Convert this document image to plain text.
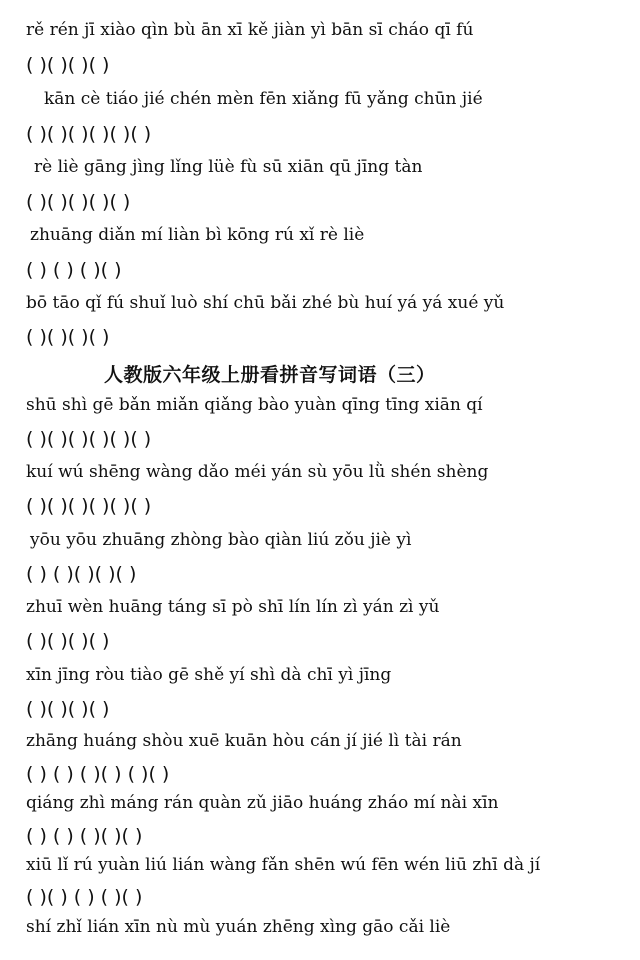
rě rén jī xiào qìn bù ān xī kě jiàn yì bān sī cháo qī fú
( )( )( )( )
kān cè tiáo jié chén mèn fēn xiǎng fū yǎng chūn jié
( )( )( )( )( )( )
rè liè gāng jìng lǐng lüè fù sū xiān qū jīng tàn
( )( )( )( )( )
zhuāng diǎn mí liàn bì kōng rú xǐ rè liè
( ) ( ) ( )( )
bō tāo qǐ fú shuǐ luò shí chū bǎi zhé bù huí yá yá xué yǔ
( )( )( )( )
人教版六年级上册看拼音写词语（三）
shū shì gē bǎn miǎn qiǎng bào yuàn qīng tīng xiān qí
( )( )( )( )( )( )
kuí wú shēng wàng dǎo méi yán sù yōu lǜ shén shèng
( )( )( )( )( )( )
yōu yōu zhuāng zhòng bào qiàn liú zǒu jiè yì
( ) ( )( )( )( )
zhuī wèn huāng táng sī pò shī lín lín zì yán zì yǔ
( )( )( )( )
xīn jīng ròu tiào gē shě yí shì dà chī yì jīng
( )( )( )( )
zhāng huáng shòu xuē kuān hòu cán jí jié lì tài rán
( ) ( ) ( )( ) ( )( )
qiáng zhì máng rán quàn zǔ jiāo huáng zháo mí nài xīn
( ) ( ) ( )( )( )
xiū lǐ rú yuàn liú lián wàng fǎn shēn wú fēn wén liū zhī dà jí
( )( ) ( ) ( )( )
shí zhǐ lián xīn nù mù yuán zhēng xìng gāo cǎi liè
